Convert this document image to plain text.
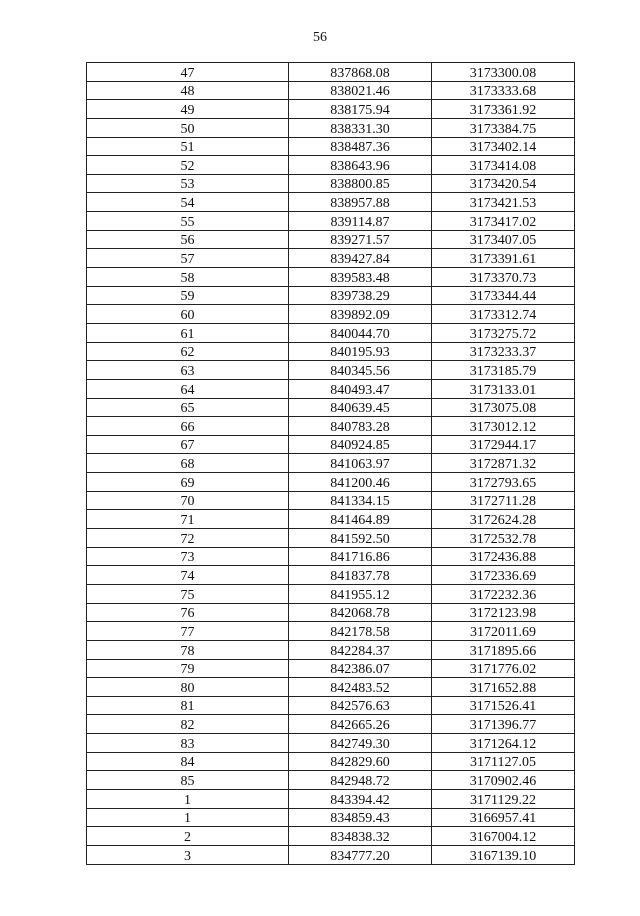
56
47	837868.08	3173300.08
48	838021.46	3173333.68
49	838175.94	3173361.92
50	838331.30	3173384.75
51	838487.36	3173402.14
52	838643.96	3173414.08
53	838800.85	3173420.54
54	838957.88	3173421.53
55	839114.87	3173417.02
56	839271.57	3173407.05
57	839427.84	3173391.61
58	839583.48	3173370.73
59	839738.29	3173344.44
60	839892.09	3173312.74
61	840044.70	3173275.72
62	840195.93	3173233.37
63	840345.56	3173185.79
64	840493.47	3173133.01
65	840639.45	3173075.08
66	840783.28	3173012.12
67	840924.85	3172944.17
68	841063.97	3172871.32
69	841200.46	3172793.65
70	841334.15	3172711.28
71	841464.89	3172624.28
72	841592.50	3172532.78
73	841716.86	3172436.88
74	841837.78	3172336.69
75	841955.12	3172232.36
76	842068.78	3172123.98
77	842178.58	3172011.69
78	842284.37	3171895.66
79	842386.07	3171776.02
80	842483.52	3171652.88
81	842576.63	3171526.41
82	842665.26	3171396.77
83	842749.30	3171264.12
84	842829.60	3171127.05
85	842948.72	3170902.46
1	843394.42	3171129.22
1	834859.43	3166957.41
2	834838.32	3167004.12
3	834777.20	3167139.10
